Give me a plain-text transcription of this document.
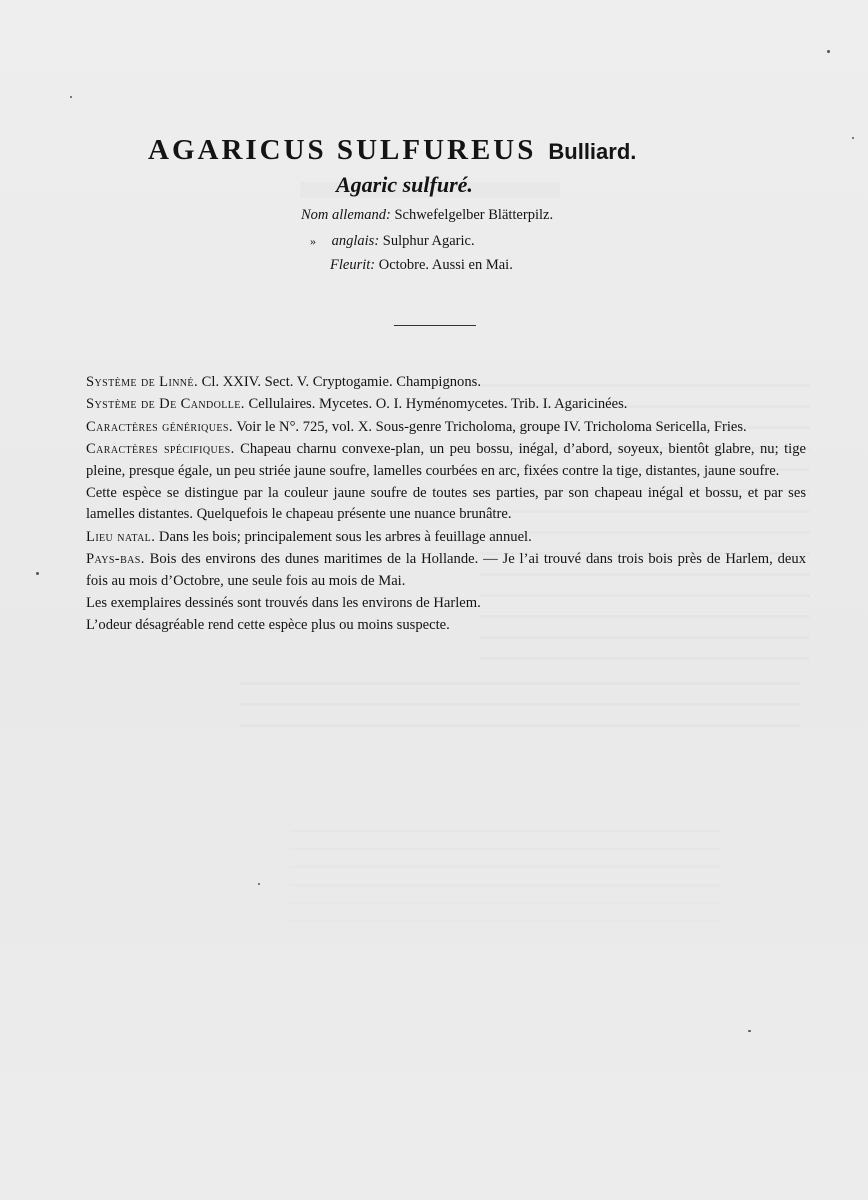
AGARICUS SULFUREUS Bulliard.
Agaric sulfuré.
Nom allemand: Schwefelgelber Blätterpilz.
» anglais: Sulphur Agaric.
Fleurit: Octobre. Aussi en Mai.

Système de Linné. Cl. XXIV. Sect. V. Cryptogamie. Champignons.

Système de De Candolle. Cellulaires. Mycetes. O. I. Hyménomycetes. Trib. I. Agaricinées.

Caractères génériques. Voir le N°. 725, vol. X. Sous-genre Tricholoma, groupe IV. Tricholoma Sericella, Fries.

Caractères spécifiques. Chapeau charnu convexe-plan, un peu bossu, inégal, d’abord, soyeux, bientôt glabre, nu; tige pleine, presque égale, un peu striée jaune soufre, lamelles courbées en arc, fixées contre la tige, distantes, jaune soufre.

Cette espèce se distingue par la couleur jaune soufre de toutes ses parties, par son chapeau inégal et bossu, et par ses lamelles distantes. Quelquefois le chapeau présente une nuance brunâtre.

Lieu natal. Dans les bois; principalement sous les arbres à feuillage annuel.

Pays-bas. Bois des environs des dunes maritimes de la Hollande. — Je l’ai trouvé dans trois bois près de Harlem, deux fois au mois d’Octobre, une seule fois au mois de Mai.

Les exemplaires dessinés sont trouvés dans les environs de Harlem.

L’odeur désagréable rend cette espèce plus ou moins suspecte.
